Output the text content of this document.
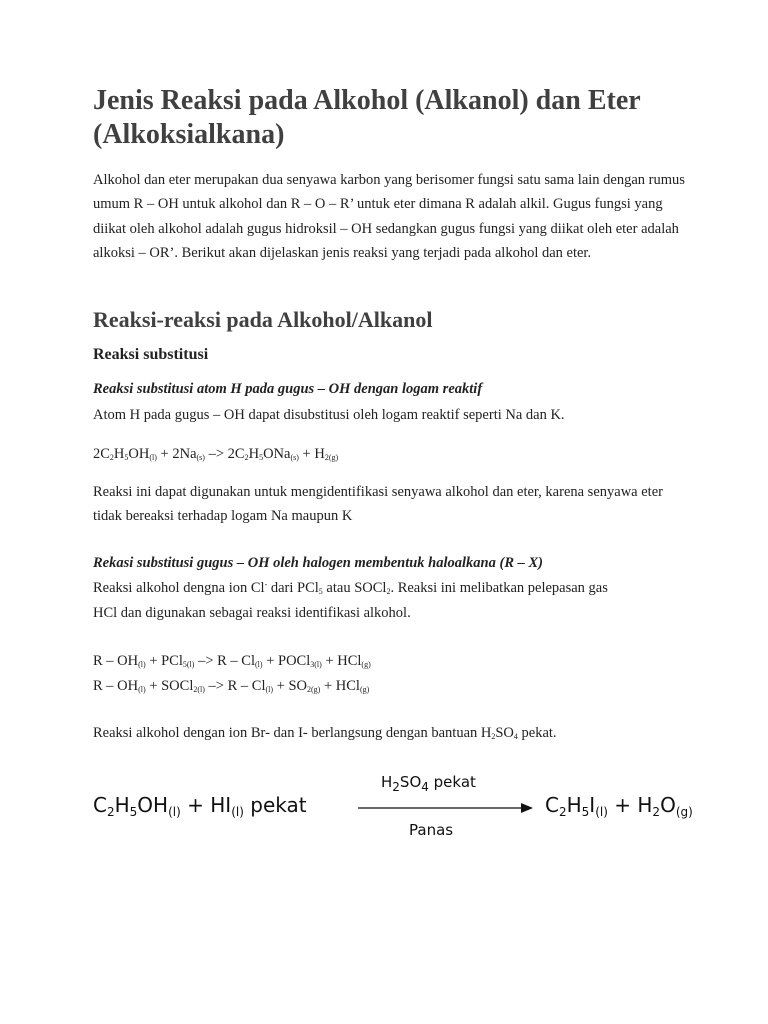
Jenis Reaksi pada Alkohol (Alkanol) dan Eter (Alkoksialkana)

Alkohol dan eter merupakan dua senyawa karbon yang berisomer fungsi satu sama lain dengan rumus umum R – OH untuk alkohol dan R – O – R’ untuk eter dimana R adalah alkil. Gugus fungsi yang diikat oleh alkohol adalah gugus hidroksil – OH sedangkan gugus fungsi yang diikat oleh eter adalah alkoksi – OR’. Berikut akan dijelaskan jenis reaksi yang terjadi pada alkohol dan eter.

Reaksi-reaksi pada Alkohol/Alkanol
Reaksi substitusi

Reaksi substitusi atom H pada gugus – OH dengan logam reaktif

Atom H pada gugus – OH dapat disubstitusi oleh logam reaktif seperti Na dan K.

$2C_2H_5OH_{(l)} + 2Na_{(s)} -> 2C_2H_5ONa_{(s)} + H_{2(g)}$

Reaksi ini dapat digunakan untuk mengidentifikasi senyawa alkohol dan eter, karena senyawa eter tidak bereaksi terhadap logam Na maupun K

Rekasi substitusi gugus – OH oleh halogen membentuk haloalkana (R – X)

Reaksi alkohol dengna ion Cl- dari PCl$_5$ atau SOCl$_2$. Reaksi ini melibatkan pelepasan gas

HCl dan digunakan sebagai reaksi identifikasi alkohol.

$R - OH_{(l)} + PCl_{5(l)} -> R - Cl_{(l)}$ + POCl$_{3(l)}$ + HCl$_{(g)}$

R – $OH_{(l)}$ + SOCl$_{2(l)}$ –> $R - Cl_{(l)} + SO_{2(g)} + HCl_{(g)}$

Reaksi alkohol dengan ion Br- dan I- berlangsung dengan bantuan $H_2SO_4$ pekat.

$C_2H_5OH_{(l)} + HI_{(l)}$ pekat
$H_2SO_4$ pekat
Panas
$C_2H_5I_{(l)} + H_2O_{(g)}$
